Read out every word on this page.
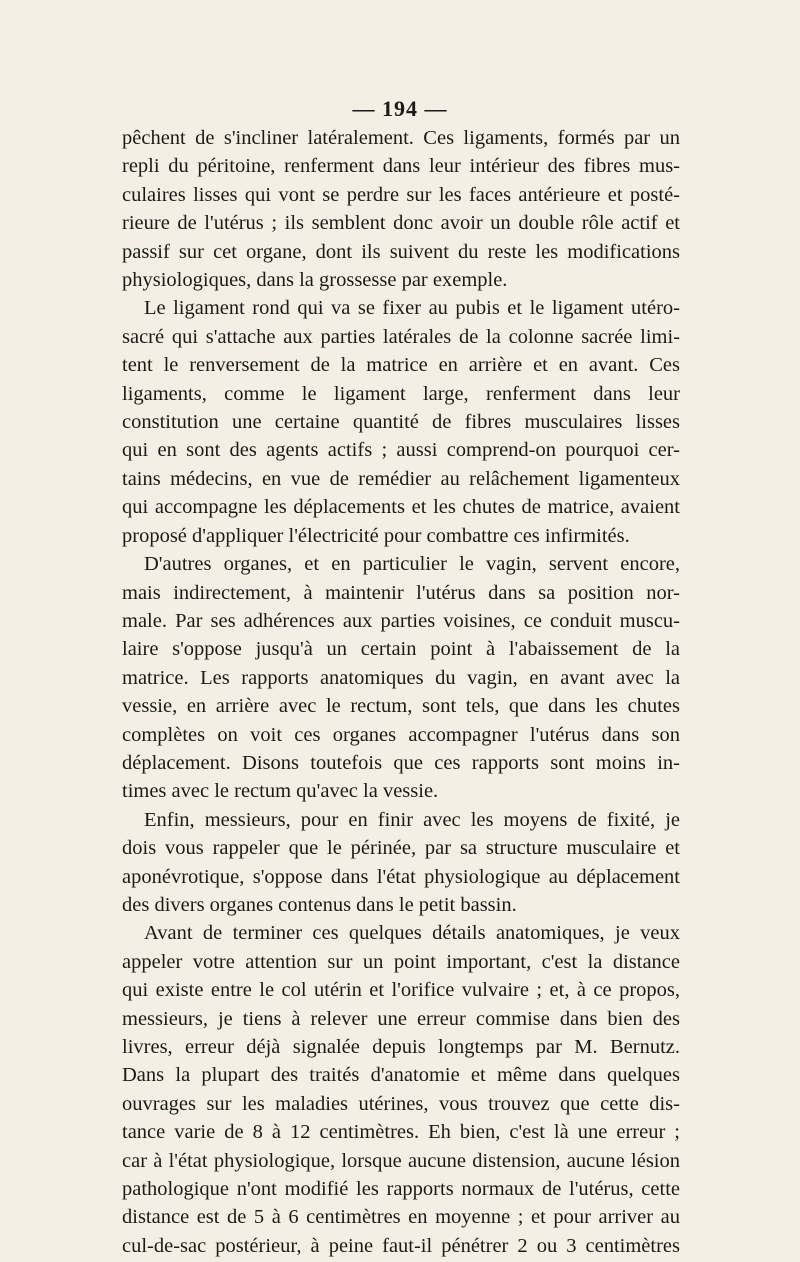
— 194 —
pêchent de s'incliner latéralement. Ces ligaments, formés par un
repli du péritoine, renferment dans leur intérieur des fibres mus-
culaires lisses qui vont se perdre sur les faces antérieure et posté-
rieure de l'utérus ; ils semblent donc avoir un double rôle actif et
passif sur cet organe, dont ils suivent du reste les modifications
physiologiques, dans la grossesse par exemple.
Le ligament rond qui va se fixer au pubis et le ligament utéro-
sacré qui s'attache aux parties latérales de la colonne sacrée limi-
tent le renversement de la matrice en arrière et en avant. Ces
ligaments, comme le ligament large, renferment dans leur
constitution une certaine quantité de fibres musculaires lisses
qui en sont des agents actifs ; aussi comprend-on pourquoi cer-
tains médecins, en vue de remédier au relâchement ligamenteux
qui accompagne les déplacements et les chutes de matrice, avaient
proposé d'appliquer l'électricité pour combattre ces infirmités.
D'autres organes, et en particulier le vagin, servent encore,
mais indirectement, à maintenir l'utérus dans sa position nor-
male. Par ses adhérences aux parties voisines, ce conduit muscu-
laire s'oppose jusqu'à un certain point à l'abaissement de la
matrice. Les rapports anatomiques du vagin, en avant avec la
vessie, en arrière avec le rectum, sont tels, que dans les chutes
complètes on voit ces organes accompagner l'utérus dans son
déplacement. Disons toutefois que ces rapports sont moins in-
times avec le rectum qu'avec la vessie.
Enfin, messieurs, pour en finir avec les moyens de fixité, je
dois vous rappeler que le périnée, par sa structure musculaire et
aponévrotique, s'oppose dans l'état physiologique au déplacement
des divers organes contenus dans le petit bassin.
Avant de terminer ces quelques détails anatomiques, je veux
appeler votre attention sur un point important, c'est la distance
qui existe entre le col utérin et l'orifice vulvaire ; et, à ce propos,
messieurs, je tiens à relever une erreur commise dans bien des
livres, erreur déjà signalée depuis longtemps par M. Bernutz.
Dans la plupart des traités d'anatomie et même dans quelques
ouvrages sur les maladies utérines, vous trouvez que cette dis-
tance varie de 8 à 12 centimètres. Eh bien, c'est là une erreur ;
car à l'état physiologique, lorsque aucune distension, aucune lésion
pathologique n'ont modifié les rapports normaux de l'utérus, cette
distance est de 5 à 6 centimètres en moyenne ; et pour arriver au
cul-de-sac postérieur, à peine faut-il pénétrer 2 ou 3 centimètres
